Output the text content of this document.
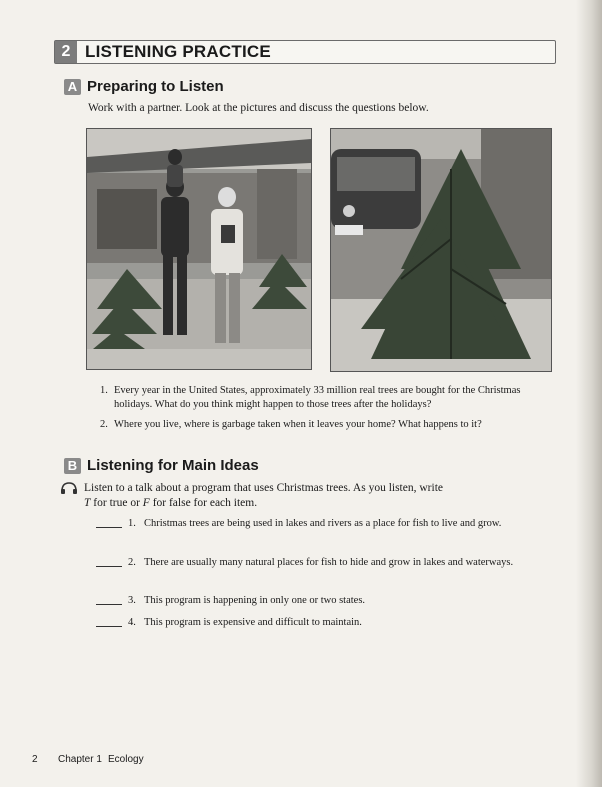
2 LISTENING PRACTICE
A Preparing to Listen
Work with a partner. Look at the pictures and discuss the questions below.
1. Every year in the United States, approximately 33 million real trees are bought for the Christmas holidays. What do you think might happen to those trees after the holidays?
2. Where you live, where is garbage taken when it leaves your home? What happens to it?
B Listening for Main Ideas
Listen to a talk about a program that uses Christmas trees. As you listen, write
T for true or F for false for each item.
1. Christmas trees are being used in lakes and rivers as a place for fish to live and grow.
2. There are usually many natural places for fish to hide and grow in lakes and waterways.
3. This program is happening in only one or two states.
4. This program is expensive and difficult to maintain.
2 Chapter 1 Ecology
